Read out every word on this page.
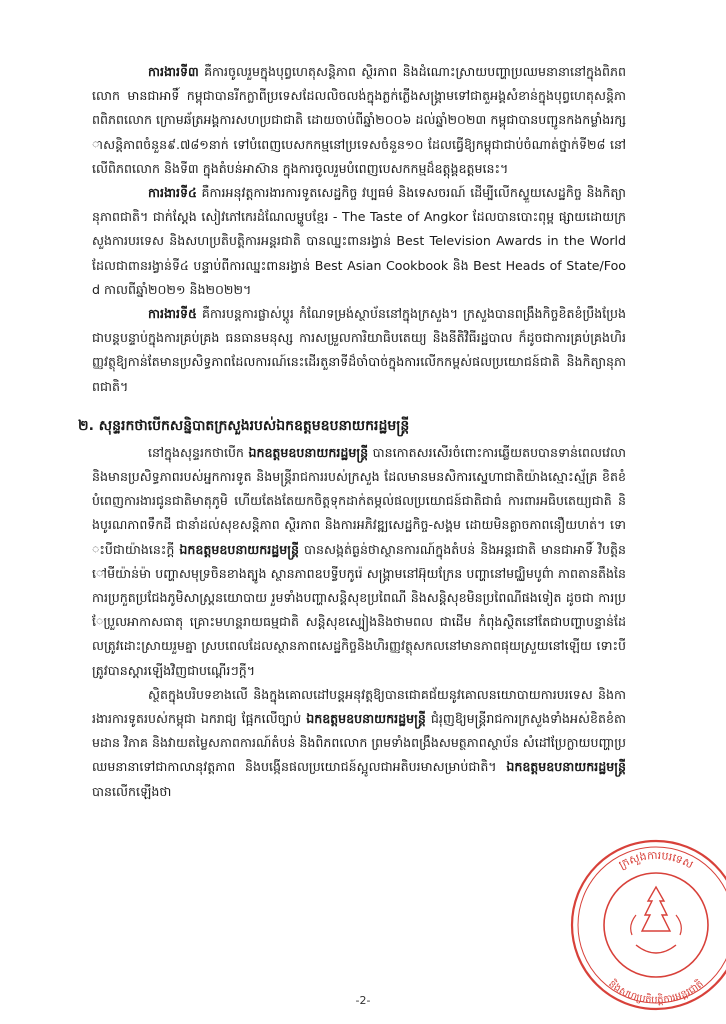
ការងារទី៣ គឺការចូលរួមក្នុងបុព្វហេតុសន្តិភាព ស្ថិរភាព និងដំណោះស្រាយបញ្ហាប្រឈមនានានៅក្នុងពិភពលោក មានជាអាទិ៍ កម្ពុជាបានរីកក្លាពីប្រទេសដែលលិចលង់ក្នុងភ្លក់ភ្លើងសង្គ្រាមទៅជាតួអង្គសំខាន់ក្នុងបុព្វហេតុសន្តិភាពពិភពលោក ក្រោមឆ័ត្រអង្គការសហប្រជាជាតិ ដោយចាប់ពីឆ្នាំ២០០៦ ដល់ឆ្នាំ២០២៣ កម្ពុជាបានបញ្ជូនកងកម្លាំងរក្សាសន្តិភាពចំនួន៩.៧៨១នាក់ ទៅបំពេញបេសកកម្មនៅប្រទេសចំនួន១០ ដែលធ្វើឱ្យកម្ពុជាជាប់ចំណាត់ថ្នាក់ទី២៨ នៅលើពិភពលោក និងទី៣ ក្នុងតំបន់អាស៊ាន ក្នុងការចូលរួមបំពេញបេសកកម្មដ៏ឧត្តុង្គឧត្តមនេះ។

ការងារទី៤ គឺការអនុវត្តការងារការទូតសេដ្ឋកិច្ច វប្បធម៌ និងទេសចរណ៍ ដើម្បីលើកស្ទួយសេដ្ឋកិច្ច និងកិត្យានុភាពជាតិ។ ជាក់ស្តែង សៀវភៅកេរដំណែលម្ហូបខ្មែរ - The Taste of Angkor ដែលបានបោះពុម្ព ផ្សាយដោយក្រសួងការបរទេស និងសហប្រតិបត្តិការអន្តរជាតិ បានឈ្នះពានរង្វាន់ Best Television Awards in the World ដែលជាពានរង្វាន់ទី៤ បន្ទាប់ពីការឈ្នះពានរង្វាន់ Best Asian Cookbook និង Best Heads of State/Food កាលពីឆ្នាំ២០២១ និង២០២២។

ការងារទី៥ គឺការបន្តការផ្លាស់ប្តូរ កំណែទម្រង់ស្ថាប័ននៅក្នុងក្រសួង។ ក្រសួងបានពង្រឹងកិច្ចខិតខំប្រឹងប្រែងជាបន្តបន្ទាប់ក្នុងការគ្រប់គ្រង ធនធានមនុស្ស ការសម្រួលការិយាធិបតេយ្យ និងនីតិវិធីរដ្ឋបាល ក៏ដូចជាការគ្រប់គ្រងហិរញ្ញវត្ថុឱ្យកាន់តែមានប្រសិទ្ធភាពដែលការណ៍នេះដើរតួនាទីដ៏ចាំបាច់ក្នុងការលើកកម្ពស់ផលប្រយោជន៍ជាតិ និងកិត្យានុភាពជាតិ។

២. សុន្ទរកថាបើកសន្និបាតក្រសួងរបស់ឯកឧត្តមឧបនាយករដ្ឋមន្ត្រី

នៅក្នុងសុន្ទរកថាបើក ឯកឧត្តមឧបនាយករដ្ឋមន្ត្រី បានកោតសរសើរចំពោះការឆ្លើយតបបានទាន់ពេលវេលា និងមានប្រសិទ្ធភាពរបស់អ្នកការទូត និងមន្ត្រីរាជការរបស់ក្រសួង ដែលមានមនសិការស្នេហាជាតិយ៉ាងស្មោះស្ម័គ្រ ខិតខំបំពេញការងារជូនជាតិមាតុភូមិ ហើយតែងតែយកចិត្តទុកដាក់តម្កល់ផលប្រយោជន៍ជាតិជាធំ ការពារអធិបតេយ្យជាតិ និងបូរណភាពទឹកដី ជានាំដល់សុខសន្តិភាព ស្ថិរភាព និងការអភិវឌ្ឍសេដ្ឋកិច្ច-សង្គម ដោយមិនគ្លាចភាពនឿយហត់។ ទោះបីជាយ៉ាងនេះក្តី ឯកឧត្តមឧបនាយករដ្ឋមន្ត្រី បានសង្កត់ធ្ងន់ថាស្ថានការណ៍ក្នុងតំបន់ និងអន្តរជាតិ មានជាអាទិ៍ វិបត្តិនៅមីយ៉ាន់ម៉ា បញ្ហាសមុទ្រចិនខាងត្បូង ស្ថានភាពឧបទ្វីបកូរ៉េ សង្គ្រាមនៅអ៊ុយក្រែន បញ្ហានៅមជ្ឈិមបូព៌ា ភាពតានតឹងនៃការប្រកួតប្រជែងភូមិសាស្ត្រនយោបាយ រួមទាំងបញ្ហាសន្តិសុខប្រពៃណី និងសន្តិសុខមិនប្រពៃណីផងទៀត ដូចជា ការប្រែប្រួលអាកាសធាតុ គ្រោះមហន្តរាយធម្មជាតិ សន្តិសុខស្បៀងនិងថាមពល ជាដើម កំពុងស្ថិតនៅតែជាបញ្ហាបន្ទាន់ដែលត្រូវដោះស្រាយរួមគ្នា ស្របពេលដែលស្ថានភាពសេដ្ឋកិច្ចនិងហិរញ្ញវត្ថុសកលនៅមានភាពផុយស្រួយនៅឡើយ ទោះបីត្រូវបានស្តារឡើងវិញជាបណ្តើរៗក្តី។

ស្ថិតក្នុងបរិបទខាងលើ និងក្នុងគោលដៅបន្តអនុវត្តឱ្យបានជោគជ័យនូវគោលនយោបាយការបរទេស និងការងារការទូតរបស់កម្ពុជា ឯករាជ្យ ផ្អែកលើច្បាប់ ឯកឧត្តមឧបនាយករដ្ឋមន្ត្រី ជំរុញឱ្យមន្ត្រីរាជការក្រសួងទាំងអស់ខិតខំតាមដាន វិភាគ និងវាយតម្លៃសភាពការណ៍តំបន់ និងពិភពលោក ព្រមទាំងពង្រឹងសមត្ថភាពស្ថាប័ន សំដៅប្រែក្លាយបញ្ហាប្រឈមនានាទៅជាកាលានុវត្តភាព និងបង្កើនផលប្រយោជន៍ស្អូលជាអតិបរមាសម្រាប់ជាតិ។ ឯកឧត្តមឧបនាយករដ្ឋមន្ត្រី បានលើកឡើងថា

ក្រសួងការបរទេស
និងសហប្រតិបត្តិការអន្តរជាតិ
-2-
